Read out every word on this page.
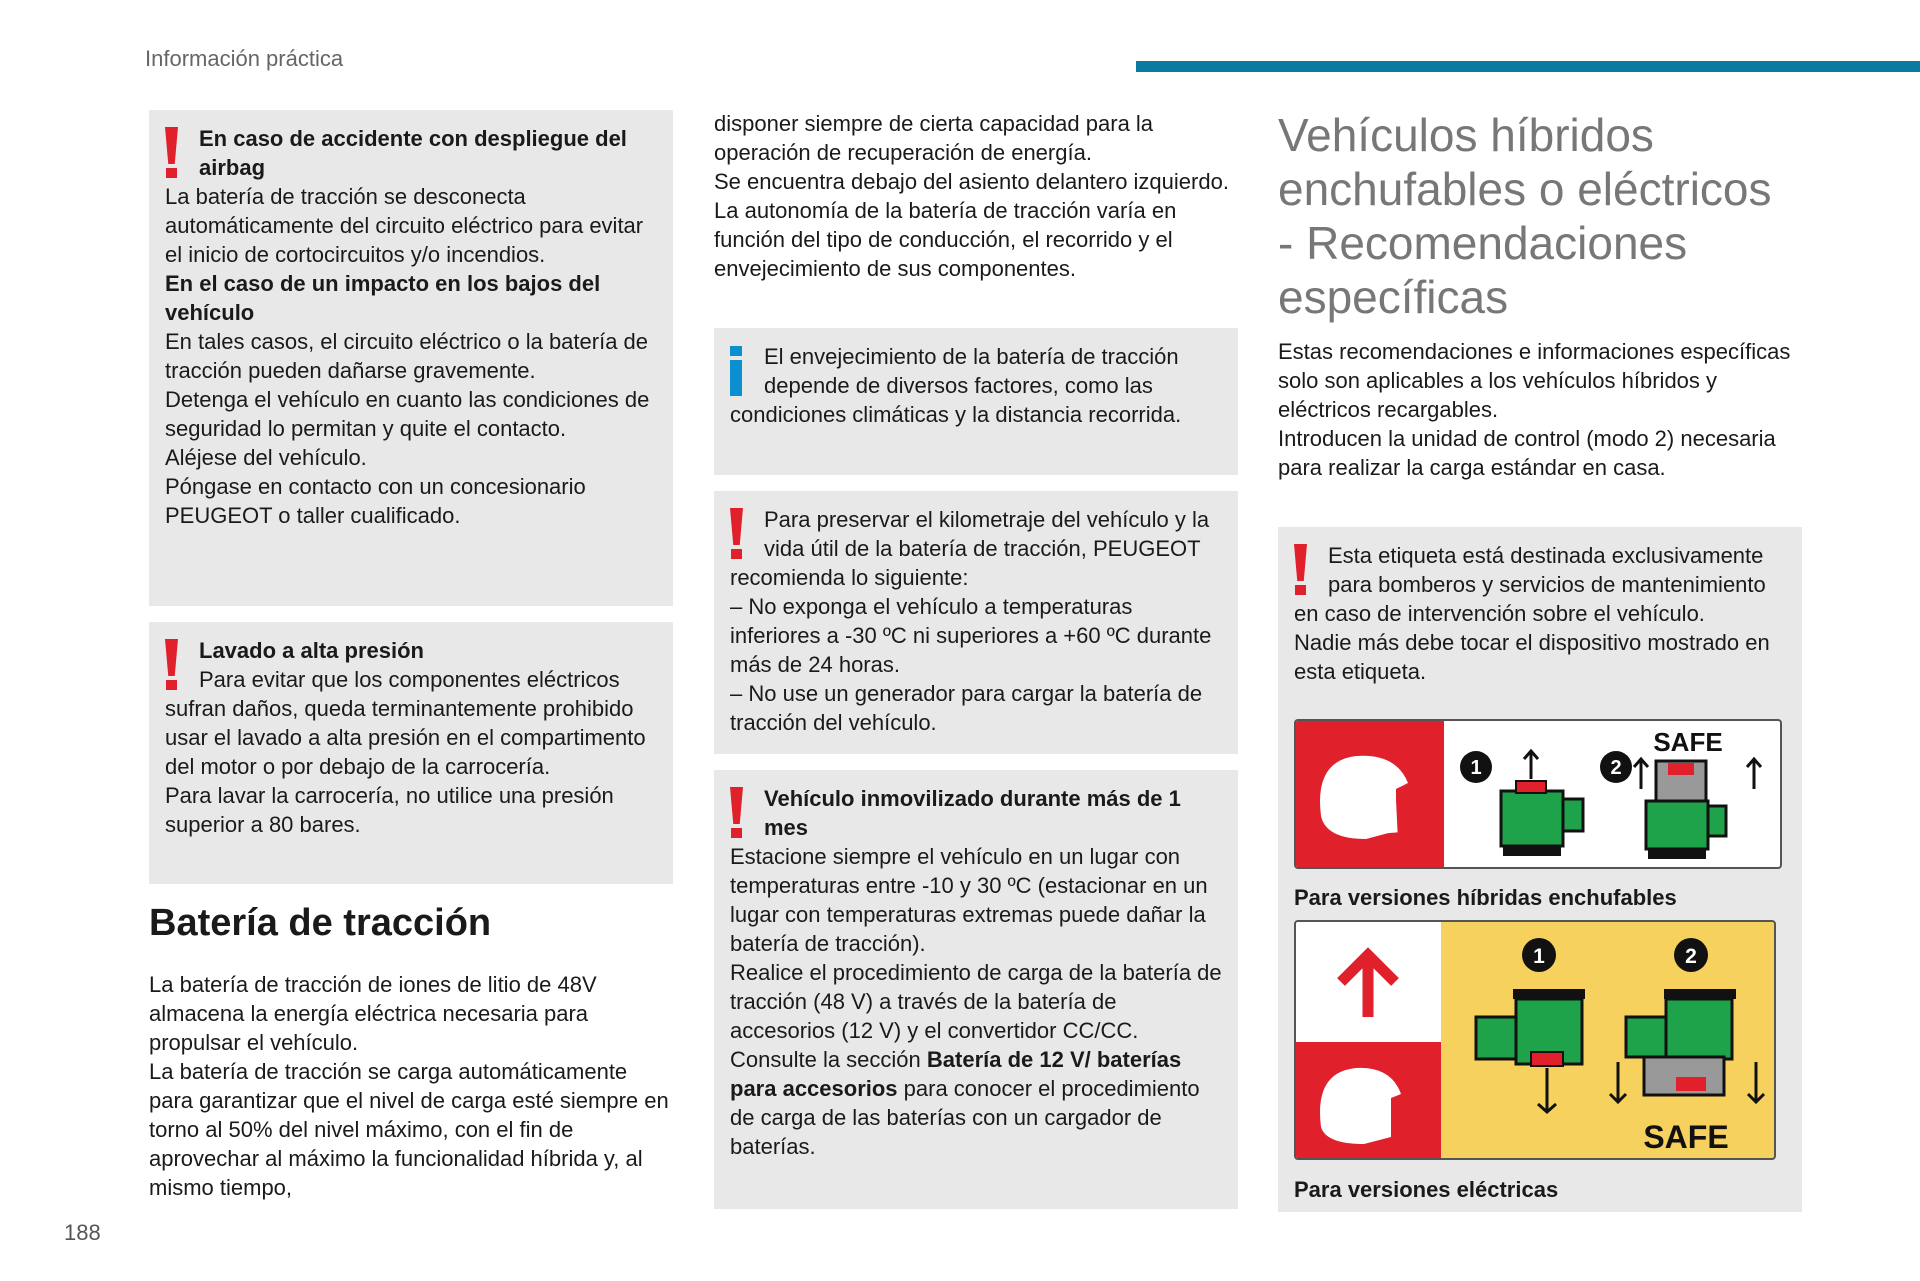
Información práctica
188

En caso de accidente con despliegue del airbag

La batería de tracción se desconecta automáticamente del circuito eléctrico para evitar el inicio de cortocircuitos y/o incendios.

En el caso de un impacto en los bajos del vehículo

En tales casos, el circuito eléctrico o la batería de tracción pueden dañarse gravemente.

Detenga el vehículo en cuanto las condiciones de seguridad lo permitan y quite el contacto.

Aléjese del vehículo.

Póngase en contacto con un concesionario PEUGEOT o taller cualificado.

Lavado a alta presión

Para evitar que los componentes eléctricos sufran daños, queda terminantemente prohibido usar el lavado a alta presión en el compartimento del motor o por debajo de la carrocería.

Para lavar la carrocería, no utilice una presión superior a 80 bares.

Batería de tracción

La batería de tracción de iones de litio de 48V almacena la energía eléctrica necesaria para propulsar el vehículo.

La batería de tracción se carga automáticamente para garantizar que el nivel de carga esté siempre en torno al 50% del nivel máximo, con el fin de aprovechar al máximo la funcionalidad híbrida y, al mismo tiempo,

disponer siempre de cierta capacidad para la operación de recuperación de energía.

Se encuentra debajo del asiento delantero izquierdo.

La autonomía de la batería de tracción varía en función del tipo de conducción, el recorrido y el envejecimiento de sus componentes.

El envejecimiento de la batería de tracción depende de diversos factores, como las condiciones climáticas y la distancia recorrida.

Para preservar el kilometraje del vehículo y la vida útil de la batería de tracción, PEUGEOT recomienda lo siguiente:

– No exponga el vehículo a temperaturas inferiores a -30 ºC ni superiores a +60 ºC durante más de 24 horas.

– No use un generador para cargar la batería de tracción del vehículo.

Vehículo inmovilizado durante más de 1 mes

Estacione siempre el vehículo en un lugar con temperaturas entre -10 y 30 ºC (estacionar en un lugar con temperaturas extremas puede dañar la batería de tracción).

Realice el procedimiento de carga de la batería de tracción (48 V) a través de la batería de accesorios (12 V) y el convertidor CC/CC.

Consulte la sección Batería de 12 V/ baterías para accesorios para conocer el procedimiento de carga de las baterías con un cargador de baterías.

Vehículos híbridos enchufables o eléctricos - Recomendaciones específicas

Estas recomendaciones e informaciones específicas solo son aplicables a los vehículos híbridos y eléctricos recargables.

Introducen la unidad de control (modo 2) necesaria para realizar la carga estándar en casa.

Esta etiqueta está destinada exclusivamente para bomberos y servicios de mantenimiento en caso de intervención sobre el vehículo.

Nadie más debe tocar el dispositivo mostrado en esta etiqueta.

1	2
SAFE
Para versiones híbridas enchufables
1	2
SAFE
Para versiones eléctricas
